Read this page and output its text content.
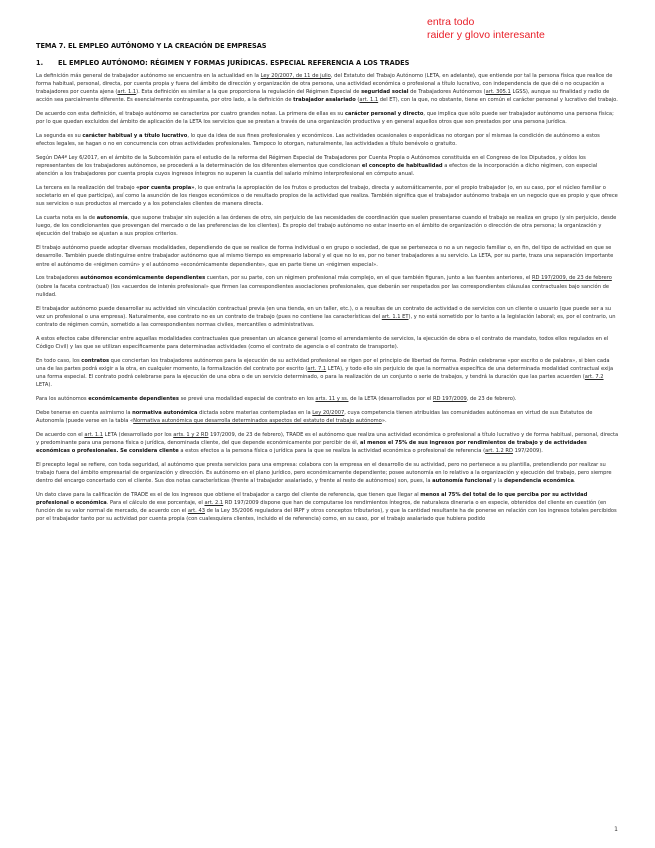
entra todo
raider y glovo interesante
TEMA 7. EL EMPLEO AUTÓNOMO Y LA CREACIÓN DE EMPRESAS
1. EL EMPLEO AUTÓNOMO: RÉGIMEN Y FORMAS JURÍDICAS. ESPECIAL REFERENCIA A LOS TRADES

La definición más general de trabajador autónomo se encuentra en la actualidad en la Ley 20/2007, de 11 de julio, del Estatuto del Trabajo Autónomo (LETA, en adelante), que entiende por tal la persona física que realice de forma habitual, personal, directa, por cuenta propia y fuera del ámbito de dirección y organización de otra persona, una actividad económica o profesional a título lucrativo, con independencia de que dé o no ocupación a trabajadores por cuenta ajena (art. 1.1). Esta definición es similar a la que proporciona la regulación del Régimen Especial de seguridad social de Trabajadores Autónomos (art. 305.1 LGSS), aunque su finalidad y radio de acción sea parcialmente diferente. Es esencialmente contrapuesta, por otro lado, a la definición de trabajador asalariado (art. 1.1 del ET), con la que, no obstante, tiene en común el carácter personal y lucrativo del trabajo.

De acuerdo con esta definición, el trabajo autónomo se caracteriza por cuatro grandes notas. La primera de ellas es su carácter personal y directo, que implica que sólo puede ser trabajador autónomo una persona física; por lo que quedan excluidos del ámbito de aplicación de la LETA los servicios que se prestan a través de una organización productiva y en general aquellos otros que son prestados por una persona jurídica.

La segunda es su carácter habitual y a título lucrativo, lo que da idea de sus fines profesionales y económicos. Las actividades ocasionales o esporádicas no otorgan por sí mismas la condición de autónomo a estos efectos legales, se hagan o no en concurrencia con otras actividades profesionales. Tampoco lo otorgan, naturalmente, las actividades a título benévolo o gratuito.

Según DA4ª Ley 6/2017, en el ámbito de la Subcomisión para el estudio de la reforma del Régimen Especial de Trabajadores por Cuenta Propia o Autónomos constituida en el Congreso de los Diputados, y oídos los representantes de los trabajadores autónomos, se procederá a la determinación de los diferentes elementos que condicionan el concepto de habitualidad a efectos de la incorporación a dicho régimen, con especial atención a los trabajadores por cuenta propia cuyos ingresos íntegros no superen la cuantía del salario mínimo interprofesional en cómputo anual.

La tercera es la realización del trabajo «por cuenta propia», lo que entraña la apropiación de los frutos o productos del trabajo, directa y automáticamente, por el propio trabajador (o, en su caso, por el núcleo familiar o societario en el que participa), así como la asunción de los riesgos económicos o de resultado propios de la actividad que realiza. También significa que el trabajador autónomo trabaja en un negocio que es propio y que ofrece sus servicios o sus productos al mercado y a los potenciales clientes de manera directa.

La cuarta nota es la de autonomía, que supone trabajar sin sujeción a las órdenes de otro, sin perjuicio de las necesidades de coordinación que suelen presentarse cuando el trabajo se realiza en grupo (y sin perjuicio, desde luego, de los condicionantes que provengan del mercado o de las preferencias de los clientes). Es propio del trabajo autónomo no estar inserto en el ámbito de organización o dirección de otra persona; la organización y ejecución del trabajo se ajustan a sus propios criterios.

El trabajo autónomo puede adoptar diversas modalidades, dependiendo de que se realice de forma individual o en grupo o sociedad, de que se pertenezca o no a un negocio familiar o, en fin, del tipo de actividad en que se desarrolle. También puede distinguirse entre trabajador autónomo que al mismo tiempo es empresario laboral y el que no lo es, por no tener trabajadores a su servicio. La LETA, por su parte, traza una separación importante entre el autónomo de «régimen común» y el autónomo «económicamente dependiente», que en parte tiene un «régimen especial».

Los trabajadores autónomos económicamente dependientes cuentan, por su parte, con un régimen profesional más complejo, en el que también figuran, junto a las fuentes anteriores, el RD 197/2009, de 23 de febrero (sobre la faceta contractual) (los «acuerdos de interés profesional» que firmen las correspondientes asociaciones profesionales, que deberán ser respetados por las correspondientes cláusulas contractuales bajo sanción de nulidad.

El trabajador autónomo puede desarrollar su actividad sin vinculación contractual previa (en una tienda, en un taller, etc.), o a resultas de un contrato de actividad o de servicios con un cliente o usuario (que puede ser a su vez un profesional o una empresa). Naturalmente, ese contrato no es un contrato de trabajo (pues no contiene las características del art. 1.1 ET), y no está sometido por lo tanto a la legislación laboral; es, por el contrario, un contrato de régimen común, sometido a las correspondientes normas civiles, mercantiles o administrativas.

A estos efectos cabe diferenciar entre aquellas modalidades contractuales que presentan un alcance general (como el arrendamiento de servicios, la ejecución de obra o el contrato de mandato, todos ellos regulados en el Código Civil) y las que se utilizan específicamente para determinadas actividades (como el contrato de agencia o el contrato de transporte).

En todo caso, los contratos que conciertan los trabajadores autónomos para la ejecución de su actividad profesional se rigen por el principio de libertad de forma. Podrán celebrarse «por escrito o de palabra», si bien cada una de las partes podrá exigir a la otra, en cualquier momento, la formalización del contrato por escrito (art. 7.1 LETA), y todo ello sin perjuicio de que la normativa específica de una determinada modalidad contractual exija una forma especial. El contrato podrá celebrarse para la ejecución de una obra o de un servicio determinado, o para la realización de un conjunto o serie de trabajos, y tendrá la duración que las partes acuerden (art. 7.2 LETA).

Para los autónomos económicamente dependientes se prevé una modalidad especial de contrato en los arts. 11 y ss. de la LETA (desarrollados por el RD 197/2009, de 23 de febrero).

Debe tenerse en cuenta asimismo la normativa autonómica dictada sobre materias contempladas en la Ley 20/2007, cuya competencia tienen atribuidas las comunidades autónomas en virtud de sus Estatutos de Autonomía (puede verse en la tabla «Normativa autonómica que desarrolla determinados aspectos del estatuto del trabajo autónomo».

De acuerdo con el art. 1.1 LETA (desarrollado por los arts. 1 y 2 RD 197/2009, de 23 de febrero), TRADE es el autónomo que realiza una actividad económica o profesional a título lucrativo y de forma habitual, personal, directa y predominante para una persona física o jurídica, denominada cliente, del que depende económicamente por percibir de él, al menos el 75% de sus ingresos por rendimientos de trabajo y de actividades económicas o profesionales. Se considera cliente a estos efectos a la persona física o jurídica para la que se realiza la actividad económica o profesional de referencia (art. 1.2 RD 197/2009).

El precepto legal se refiere, con toda seguridad, al autónomo que presta servicios para una empresa: colabora con la empresa en el desarrollo de su actividad, pero no pertenece a su plantilla, pretendiendo por realizar su trabajo fuera del ámbito empresarial de organización y dirección. Es autónomo en el plano jurídico, pero económicamente dependiente; posee autonomía en lo relativo a la organización y ejecución del trabajo, pero siempre dentro del encargo concertado con el cliente. Sus dos notas características (frente al trabajador asalariado, y frente al resto de autónomos) son, pues, la autonomía funcional y la dependencia económica.

Un dato clave para la calificación de TRADE es el de los ingresos que obtiene el trabajador a cargo del cliente de referencia, que tienen que llegar al menos al 75% del total de lo que perciba por su actividad profesional o económica. Para el cálculo de ese porcentaje, el art. 2.1 RD 197/2009 dispone que han de computarse los rendimientos íntegros, de naturaleza dineraria o en especie, obtenidos del cliente en cuestión (en función de su valor normal de mercado, de acuerdo con el art. 43 de la Ley 35/2006 reguladora del IRPF y otros conceptos tributarios), y que la cantidad resultante ha de ponerse en relación con los ingresos totales percibidos por el trabajador tanto por su actividad por cuenta propia (con cualesquiera clientes, incluido el de referencia) como, en su caso, por el trabajo asalariado que hubiera podido

1
